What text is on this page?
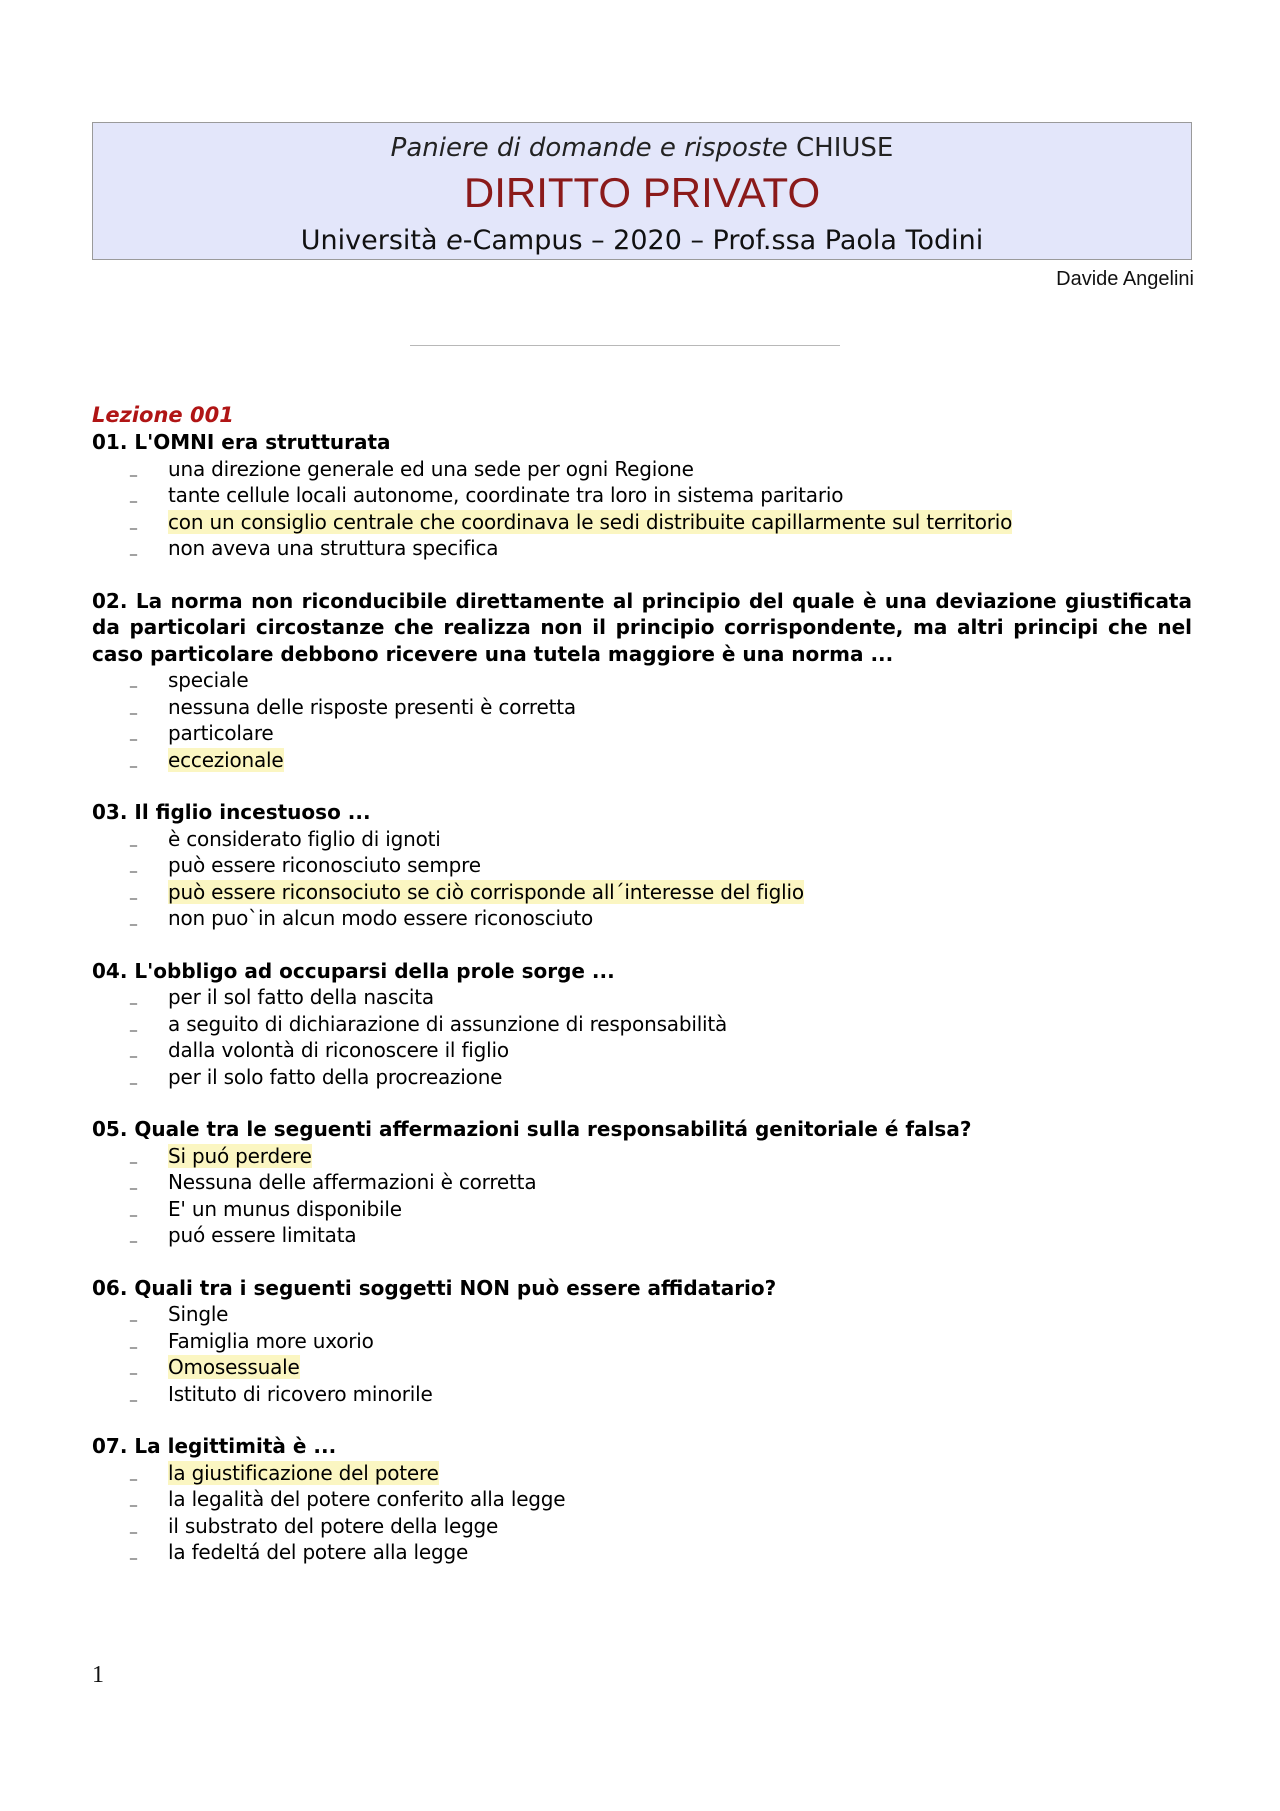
Paniere di domande e risposte CHIUSE
DIRITTO PRIVATO
Università e-Campus – 2020 – Prof.ssa Paola Todini
Davide Angelini
Lezione 001
01. L'OMNI era strutturata
_ una direzione generale ed una sede per ogni Regione
_ tante cellule locali autonome, coordinate tra loro in sistema paritario
_ con un consiglio centrale che coordinava le sedi distribuite capillarmente sul territorio
_ non aveva una struttura specifica
02. La norma non riconducibile direttamente al principio del quale è una deviazione giustificata da particolari circostanze che realizza non il principio corrispondente, ma altri principi che nel caso particolare debbono ricevere una tutela maggiore è una norma ...
_ speciale
_ nessuna delle risposte presenti è corretta
_ particolare
_ eccezionale
03. Il figlio incestuoso ...
_ è considerato figlio di ignoti
_ può essere riconosciuto sempre
_ può essere riconsociuto se ciò corrisponde all´interesse del figlio
_ non puo`in alcun modo essere riconosciuto
04. L'obbligo ad occuparsi della prole sorge ...
_ per il sol fatto della nascita
_ a seguito di dichiarazione di assunzione di responsabilità
_ dalla volontà di riconoscere il figlio
_ per il solo fatto della procreazione
05. Quale tra le seguenti affermazioni sulla responsabilitá genitoriale é falsa?
_ Si puó perdere
_ Nessuna delle affermazioni è corretta
_ E' un munus disponibile
_ puó essere limitata
06. Quali tra i seguenti soggetti NON può essere affidatario?
_ Single
_ Famiglia more uxorio
_ Omosessuale
_ Istituto di ricovero minorile
07. La legittimità è ...
_ la giustificazione del potere
_ la legalità del potere conferito alla legge
_ il substrato del potere della legge
_ la fedeltá del potere alla legge
1
